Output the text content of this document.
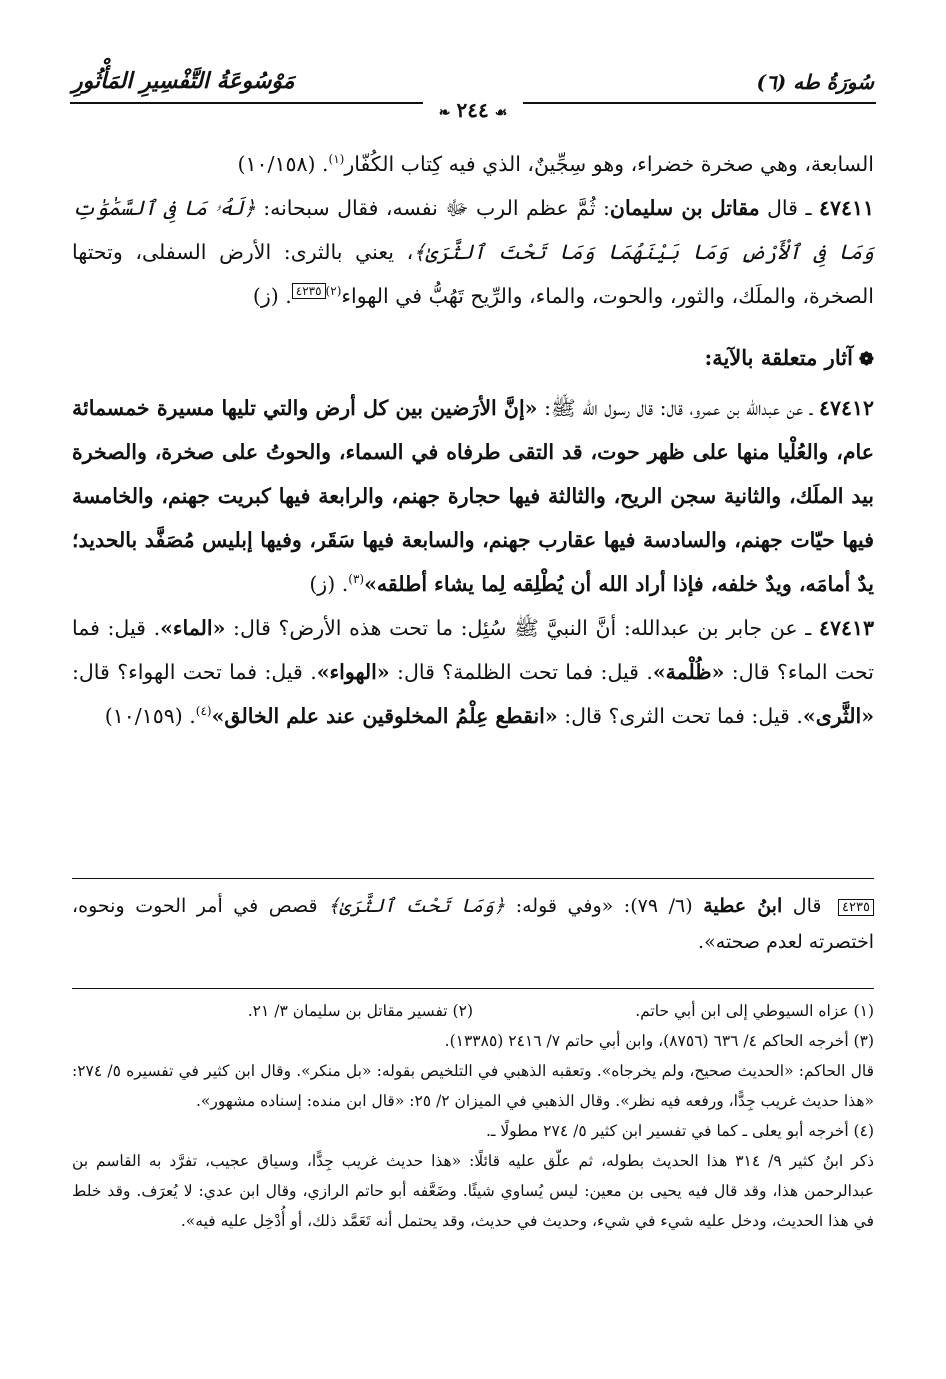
مَوْسُوعَةُ التَّفْسِيرِ المَأْثُورِ	سُورَةُ طه (٦)
❧ ٢٤٤ ☙

السابعة، وهي صخرة خضراء، وهو سِجِّينٌ، الذي فيه كِتاب الكُفّار$^{(١)}$. (١٠/١٥٨)

٤٧٤١١ ـ قال مقاتل بن سليمان: ثُمَّ عظم الرب ﷻ نفسه، فقال سبحانه: ﴿لَهُۥ مَا فِى ٱلسَّمَٰوَٰتِ وَمَا فِى ٱلْأَرْضِ وَمَا بَيْنَهُمَا وَمَا تَحْتَ ٱلثَّرَىٰ﴾، يعني بالثرى: الأرض السفلى، وتحتها الصخرة، والملَك، والثور، والحوت، والماء، والرِّيح تَهُبُّ في الهواء$^{(٢)}$٤٢٣٥. (ز)

❁آثار متعلقة بالآية:

٤٧٤١٢ ـ عن عبدالله بن عمرو، قال: قال رسول الله ﷺ: «إنَّ الأرَضين بين كل أرض والتي تليها مسيرة خمسمائة عام، والعُلْيا منها على ظهر حوت، قد التقى طرفاه في السماء، والحوتُ على صخرة، والصخرة بيد الملَك، والثانية سجن الريح، والثالثة فيها حجارة جهنم، والرابعة فيها كبريت جهنم، والخامسة فيها حيّات جهنم، والسادسة فيها عقارب جهنم، والسابعة فيها سَقَر، وفيها إبليس مُصَفَّد بالحديد؛ يدٌ أمامَه، ويدٌ خلفه، فإذا أراد الله أن يُطْلِقه لِما يشاء أطلقه»$^{(٣)}$. (ز)

٤٧٤١٣ ـ عن جابر بن عبدالله: أنَّ النبيَّ ﷺ سُئِل: ما تحت هذه الأرض؟ قال: «الماء». قيل: فما تحت الماء؟ قال: «ظُلْمة». قيل: فما تحت الظلمة؟ قال: «الهواء». قيل: فما تحت الهواء؟ قال: «الثَّرى». قيل: فما تحت الثرى؟ قال: «انقطع عِلْمُ المخلوقين عند علم الخالق»$^{(٤)}$. (١٠/١٥٩)

٤٢٣٥ قال ابنُ عطية (٦/ ٧٩): «وفي قوله: ﴿وَمَا تَحْتَ ٱلثَّرَىٰ﴾ قصص في أمر الحوت ونحوه، اختصرته لعدم صحته».
(١) عزاه السيوطي إلى ابن أبي حاتم.
(٢) تفسير مقاتل بن سليمان ٣/ ٢١.

(٣) أخرجه الحاكم ٤/ ٦٣٦ (٨٧٥٦)، وابن أبي حاتم ٧/ ٢٤١٦ (١٣٣٨٥).

قال الحاكم: «الحديث صحيح، ولم يخرجاه». وتعقبه الذهبي في التلخيص بقوله: «بل منكر». وقال ابن كثير في تفسيره ٥/ ٢٧٤: «هذا حديث غريب جِدًّا، ورفعه فيه نظر». وقال الذهبي في الميزان ٢/ ٢٥: «قال ابن منده: إسناده مشهور».

(٤) أخرجه أبو يعلى ـ كما في تفسير ابن كثير ٥/ ٢٧٤ مطولًا ـ.

ذكر ابنُ كثير ٩/ ٣١٤ هذا الحديث بطوله، ثم علّق عليه قائلًا: «هذا حديث غريب جِدًّا، وسياق عجيب، تفرَّد به القاسم بن عبدالرحمن هذا، وقد قال فيه يحيى بن معين: ليس يُساوي شيئًا. وضَعَّفه أبو حاتم الرازي، وقال ابن عدي: لا يُعرَف. وقد خلط في هذا الحديث، ودخل عليه شيء في شيء، وحديث في حديث، وقد يحتمل أنه تَعَمَّد ذلك، أو أُدْخِل عليه فيه».
